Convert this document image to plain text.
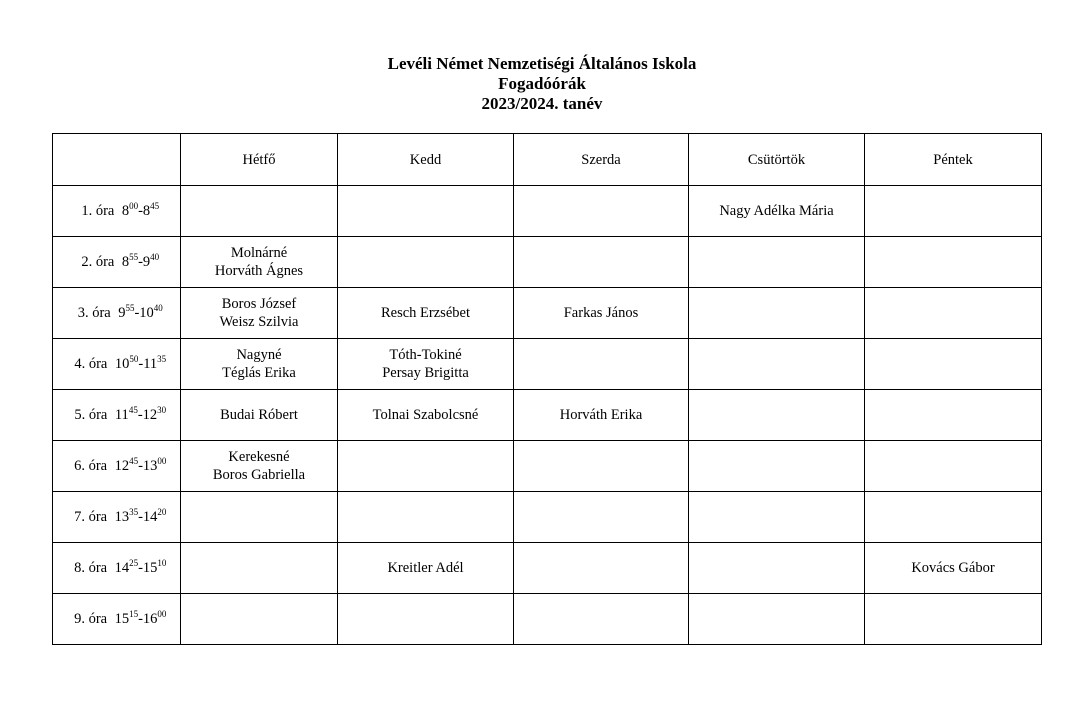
Levéli Német Nemzetiségi Általános Iskola
Fogadóórák
2023/2024. tanév
	Hétfő	Kedd	Szerda	Csütörtök	Péntek
1. óra $8^{00}-8^{45}$				Nagy Adélka Mária	

2. óra $8^{55}-9^{40}$	Molnárné
Horváth Ágnes				

3. óra $9^{55}-10^{40}$	Boros József
Weisz Szilvia	Resch Erzsébet	Farkas János		

4. óra $10^{50}-11^{35}$	Nagyné
Téglás Erika	Tóth-Tokiné
Persay Brigitta			

5. óra $11^{45}-12^{30}$	Budai Róbert	Tolnai Szabolcsné	Horváth Erika		

6. óra $12^{45}-13^{00}$	Kerekesné
Boros Gabriella				

7. óra $13^{35}-14^{20}$					
8. óra $14^{25}-15^{10}$		Kreitler Adél			Kovács Gábor

9. óra $15^{15}-16^{00}$					
